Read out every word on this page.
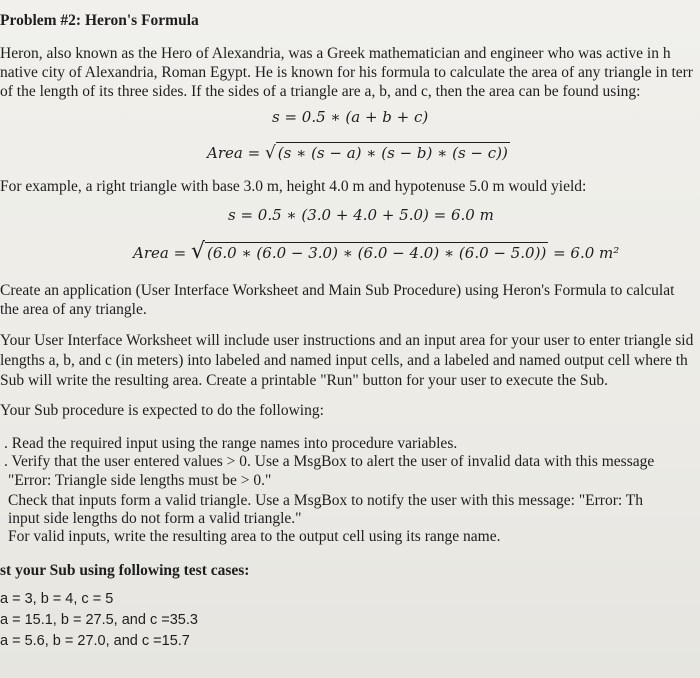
Problem #2: Heron's Formula
Heron, also known as the Hero of Alexandria, was a Greek mathematician and engineer who was active in h
native city of Alexandria, Roman Egypt. He is known for his formula to calculate the area of any triangle in terr
of the length of its three sides. If the sides of a triangle are a, b, and c, then the area can be found using:
s = 0.5 ∗ (a + b + c)
Area = √ (s ∗ (s − a) ∗ (s − b) ∗ (s − c))
For example, a right triangle with base 3.0 m, height 4.0 m and hypotenuse 5.0 m would yield:
s = 0.5 ∗ (3.0 + 4.0 + 5.0) = 6.0 m
Area = √ (6.0 ∗ (6.0 − 3.0) ∗ (6.0 − 4.0) ∗ (6.0 − 5.0)) = 6.0 m²
Create an application (User Interface Worksheet and Main Sub Procedure) using Heron's Formula to calculat
the area of any triangle.
Your User Interface Worksheet will include user instructions and an input area for your user to enter triangle sid
lengths a, b, and c (in meters) into labeled and named input cells, and a labeled and named output cell where th
Sub will write the resulting area. Create a printable "Run" button for your user to execute the Sub.
Your Sub procedure is expected to do the following:
. Read the required input using the range names into procedure variables.
. Verify that the user entered values > 0. Use a MsgBox to alert the user of invalid data with this message
"Error: Triangle side lengths must be > 0."
Check that inputs form a valid triangle. Use a MsgBox to notify the user with this message: "Error: Th
input side lengths do not form a valid triangle."
For valid inputs, write the resulting area to the output cell using its range name.
st your Sub using following test cases:
a = 3, b = 4, c = 5
a = 15.1, b = 27.5, and c =35.3
a = 5.6, b = 27.0, and c =15.7
